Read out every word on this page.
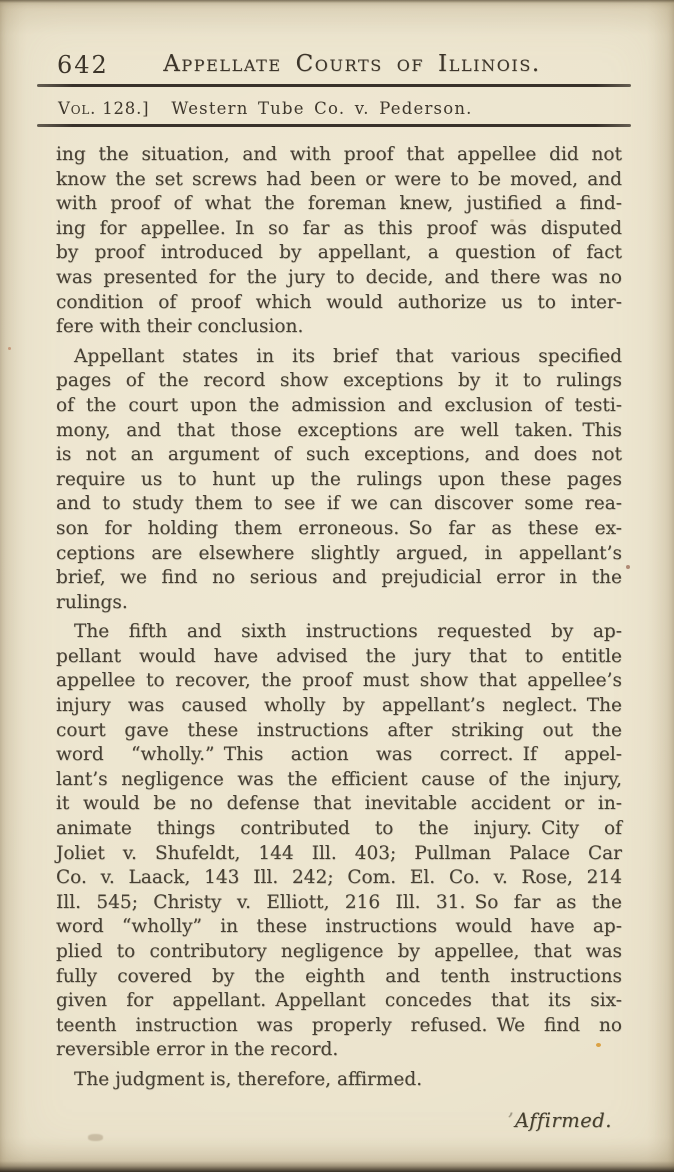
642	Appellate Courts of Illinois.
Vol. 128.]	Western Tube Co. v. Pederson.
ing the situation, and with proof that appellee did not
know the set screws had been or were to be moved, and
with proof of what the foreman knew, justified a find-
ing for appellee. In so far as this proof was disputed
by proof introduced by appellant, a question of fact
was presented for the jury to decide, and there was no
condition of proof which would authorize us to inter-
fere with their conclusion.
Appellant states in its brief that various specified
pages of the record show exceptions by it to rulings
of the court upon the admission and exclusion of testi-
mony, and that those exceptions are well taken. This
is not an argument of such exceptions, and does not
require us to hunt up the rulings upon these pages
and to study them to see if we can discover some rea-
son for holding them erroneous. So far as these ex-
ceptions are elsewhere slightly argued, in appellant’s
brief, we find no serious and prejudicial error in the
rulings.
The fifth and sixth instructions requested by ap-
pellant would have advised the jury that to entitle
appellee to recover, the proof must show that appellee’s
injury was caused wholly by appellant’s neglect. The
court gave these instructions after striking out the
word “wholly.” This action was correct. If appel-
lant’s negligence was the efficient cause of the injury,
it would be no defense that inevitable accident or in-
animate things contributed to the injury. City of
Joliet v. Shufeldt, 144 Ill. 403; Pullman Palace Car
Co. v. Laack, 143 Ill. 242; Com. El. Co. v. Rose, 214
Ill. 545; Christy v. Elliott, 216 Ill. 31. So far as the
word “wholly” in these instructions would have ap-
plied to contributory negligence by appellee, that was
fully covered by the eighth and tenth instructions
given for appellant. Appellant concedes that its six-
teenth instruction was properly refused. We find no
reversible error in the record.
The judgment is, therefore, affirmed.
’ Affirmed.
